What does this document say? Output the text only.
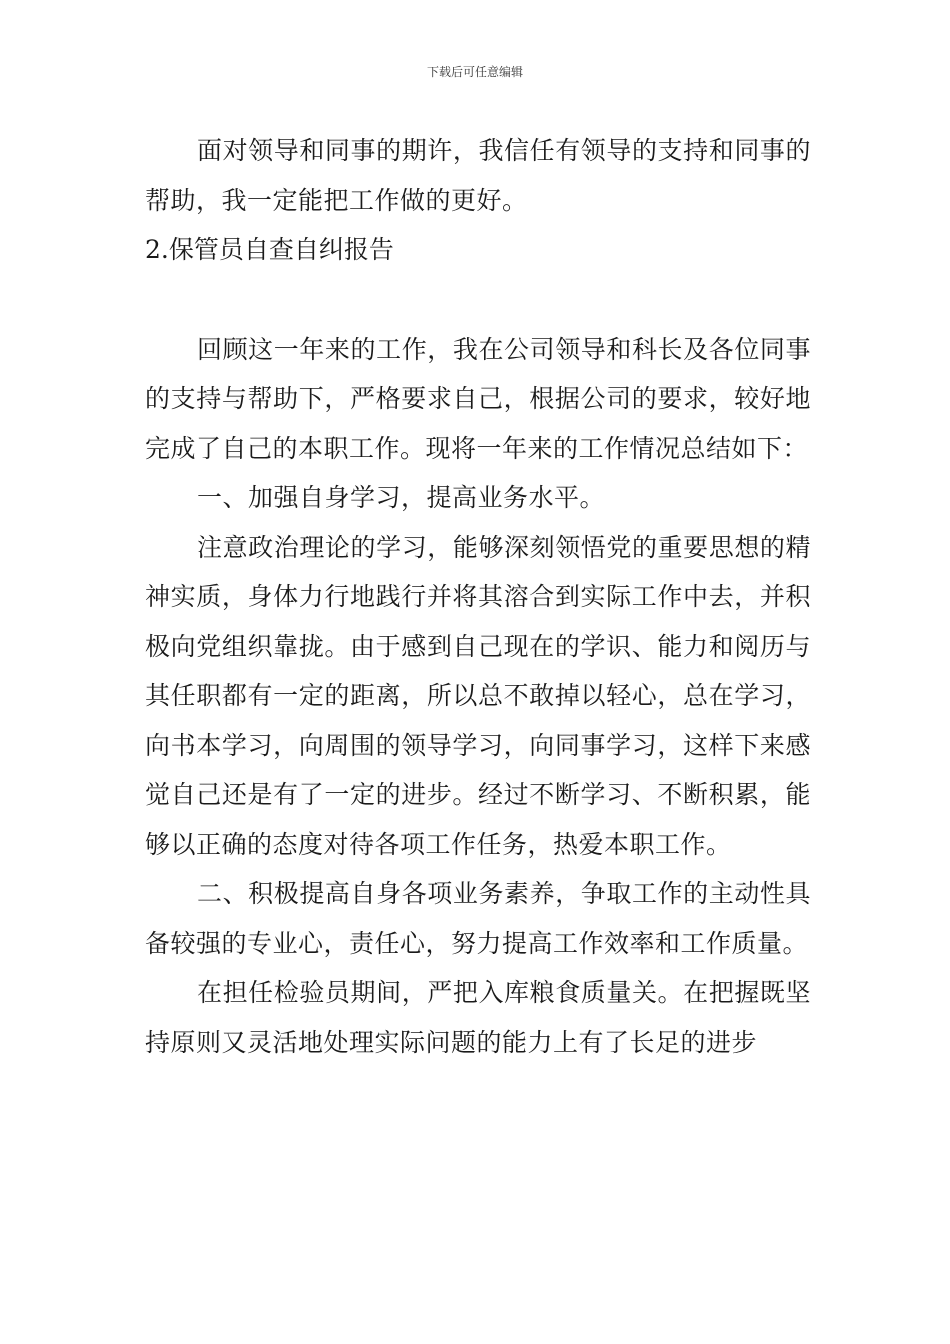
下载后可任意编辑

面对领导和同事的期许，我信任有领导的支持和同事的帮助，我一定能把工作做的更好。

2.保管员自查自纠报告

回顾这一年来的工作，我在公司领导和科长及各位同事的支持与帮助下，严格要求自己，根据公司的要求，较好地完成了自己的本职工作。现将一年来的工作情况总结如下：

一、加强自身学习，提高业务水平。

注意政治理论的学习，能够深刻领悟党的重要思想的精神实质，身体力行地践行并将其溶合到实际工作中去，并积极向党组织靠拢。由于感到自己现在的学识、能力和阅历与其任职都有一定的距离，所以总不敢掉以轻心，总在学习，向书本学习，向周围的领导学习，向同事学习，这样下来感觉自己还是有了一定的进步。经过不断学习、不断积累，能够以正确的态度对待各项工作任务，热爱本职工作。

二、积极提高自身各项业务素养，争取工作的主动性具备较强的专业心，责任心，努力提高工作效率和工作质量。

在担任检验员期间，严把入库粮食质量关。在把握既坚持原则又灵活地处理实际问题的能力上有了长足的进步
